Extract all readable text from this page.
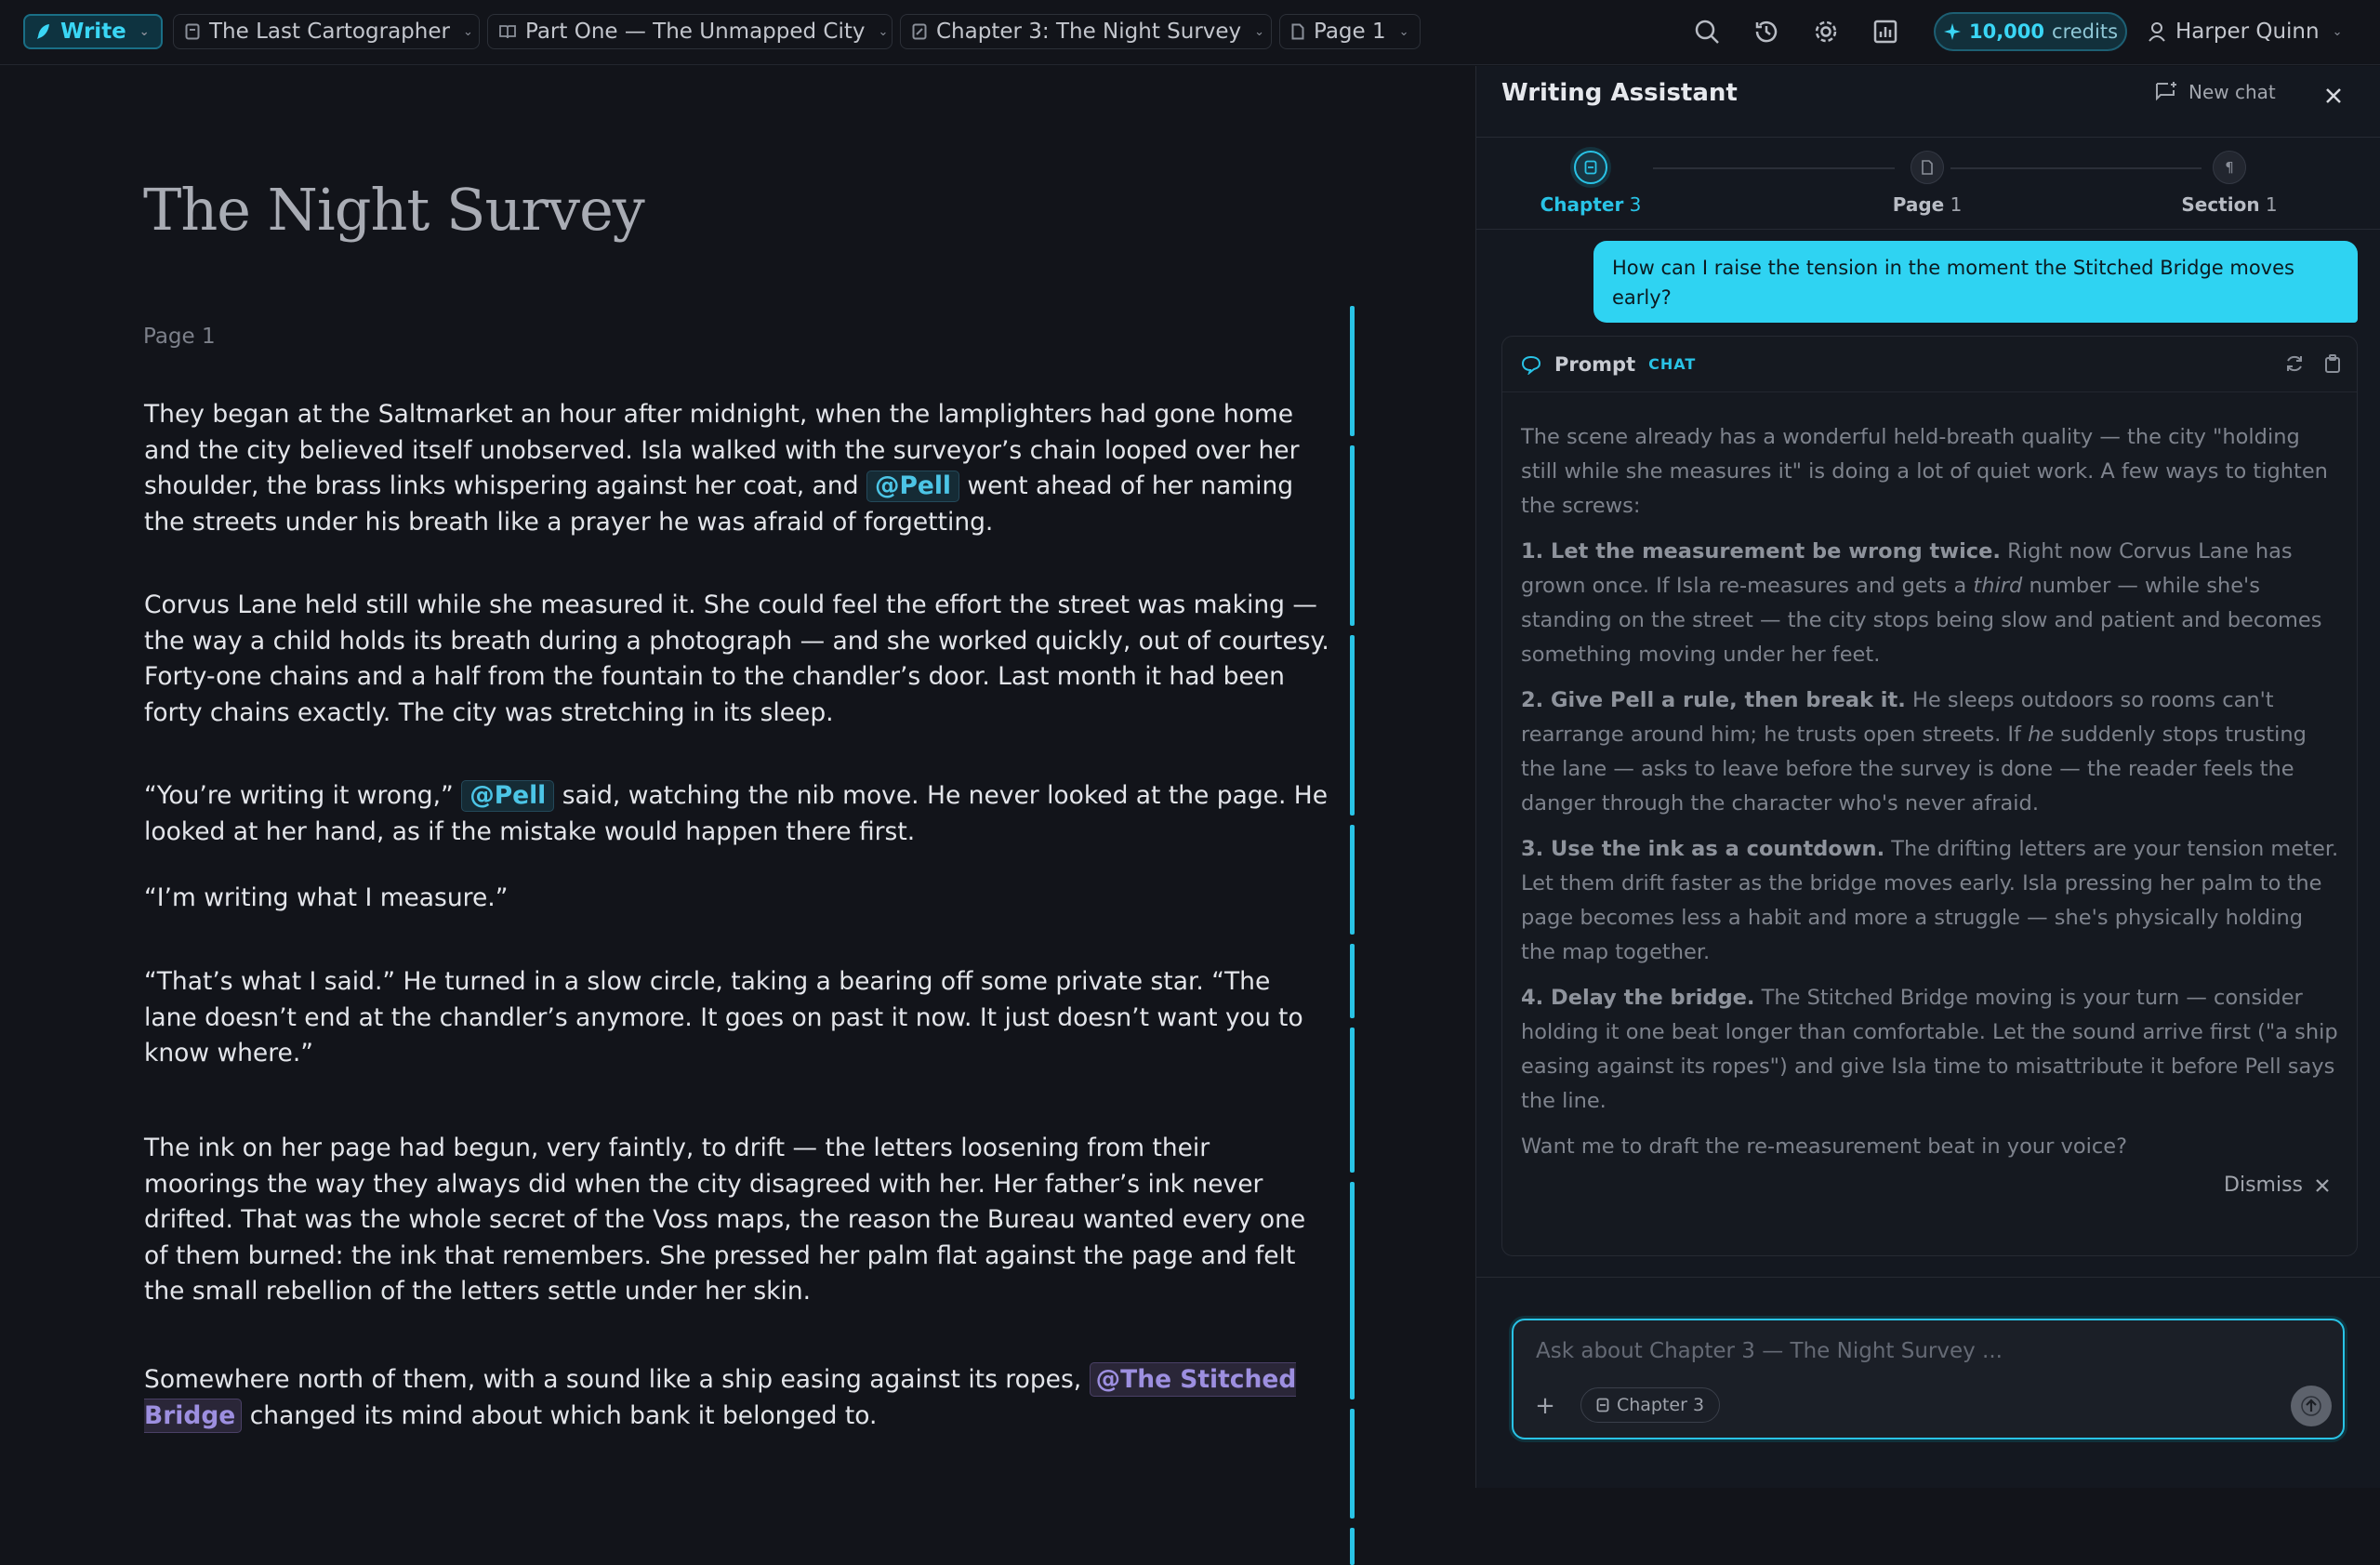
Write ⌄	The Last Cartographer ⌄ Part One — The Unmapped City ⌄ Chapter 3: The Night Survey ⌄ Page 1 ⌄	10,000 credits	Harper Quinn ⌄
The Night Survey
Page 1
They began at the Saltmarket an hour after midnight, when the lamplighters had gone home and the city believed itself unobserved. Isla walked with the surveyor’s chain looped over her shoulder, the brass links whispering against her coat, and @Pell went ahead of her naming the streets under his breath like a prayer he was afraid of forgetting.
Corvus Lane held still while she measured it. She could feel the effort the street was making — the way a child holds its breath during a photograph — and she worked quickly, out of courtesy. Forty-one chains and a half from the fountain to the chandler’s door. Last month it had been forty chains exactly. The city was stretching in its sleep.
“You’re writing it wrong,” @Pell said, watching the nib move. He never looked at the page. He looked at her hand, as if the mistake would happen there first.
“I’m writing what I measure.”
“That’s what I said.” He turned in a slow circle, taking a bearing off some private star. “The lane doesn’t end at the chandler’s anymore. It goes on past it now. It just doesn’t want you to know where.”
The ink on her page had begun, very faintly, to drift — the letters loosening from their moorings the way they always did when the city disagreed with her. Her father’s ink never drifted. That was the whole secret of the Voss maps, the reason the Bureau wanted every one of them burned: the ink that remembers. She pressed her palm flat against the page and felt the small rebellion of the letters settle under her skin.
Somewhere north of them, with a sound like a ship easing against its ropes, @The Stitched Bridge changed its mind about which bank it belonged to.
Writing Assistant	New chat
Chapter 3	Page 1
¶
Section 1
How can I raise the tension in the moment the Stitched Bridge moves early?
Prompt CHAT

The scene already has a wonderful held-breath quality — the city "holding still while she measures it" is doing a lot of quiet work. A few ways to tighten the screws:

1. Let the measurement be wrong twice. Right now Corvus Lane has grown once. If Isla re-measures and gets a third number — while she's standing on the street — the city stops being slow and patient and becomes something moving under her feet.

2. Give Pell a rule, then break it. He sleeps outdoors so rooms can't rearrange around him; he trusts open streets. If he suddenly stops trusting the lane — asks to leave before the survey is done — the reader feels the danger through the character who's never afraid.

3. Use the ink as a countdown. The drifting letters are your tension meter. Let them drift faster as the bridge moves early. Isla pressing her palm to the page becomes less a habit and more a struggle — she's physically holding the map together.

4. Delay the bridge. The Stitched Bridge moving is your turn — consider holding it one beat longer than comfortable. Let the sound arrive first ("a ship easing against its ropes") and give Isla time to misattribute it before Pell says the line.

Want me to draft the re-measurement beat in your voice?

Dismiss
Ask about Chapter 3 — The Night Survey ...
+	Chapter 3
